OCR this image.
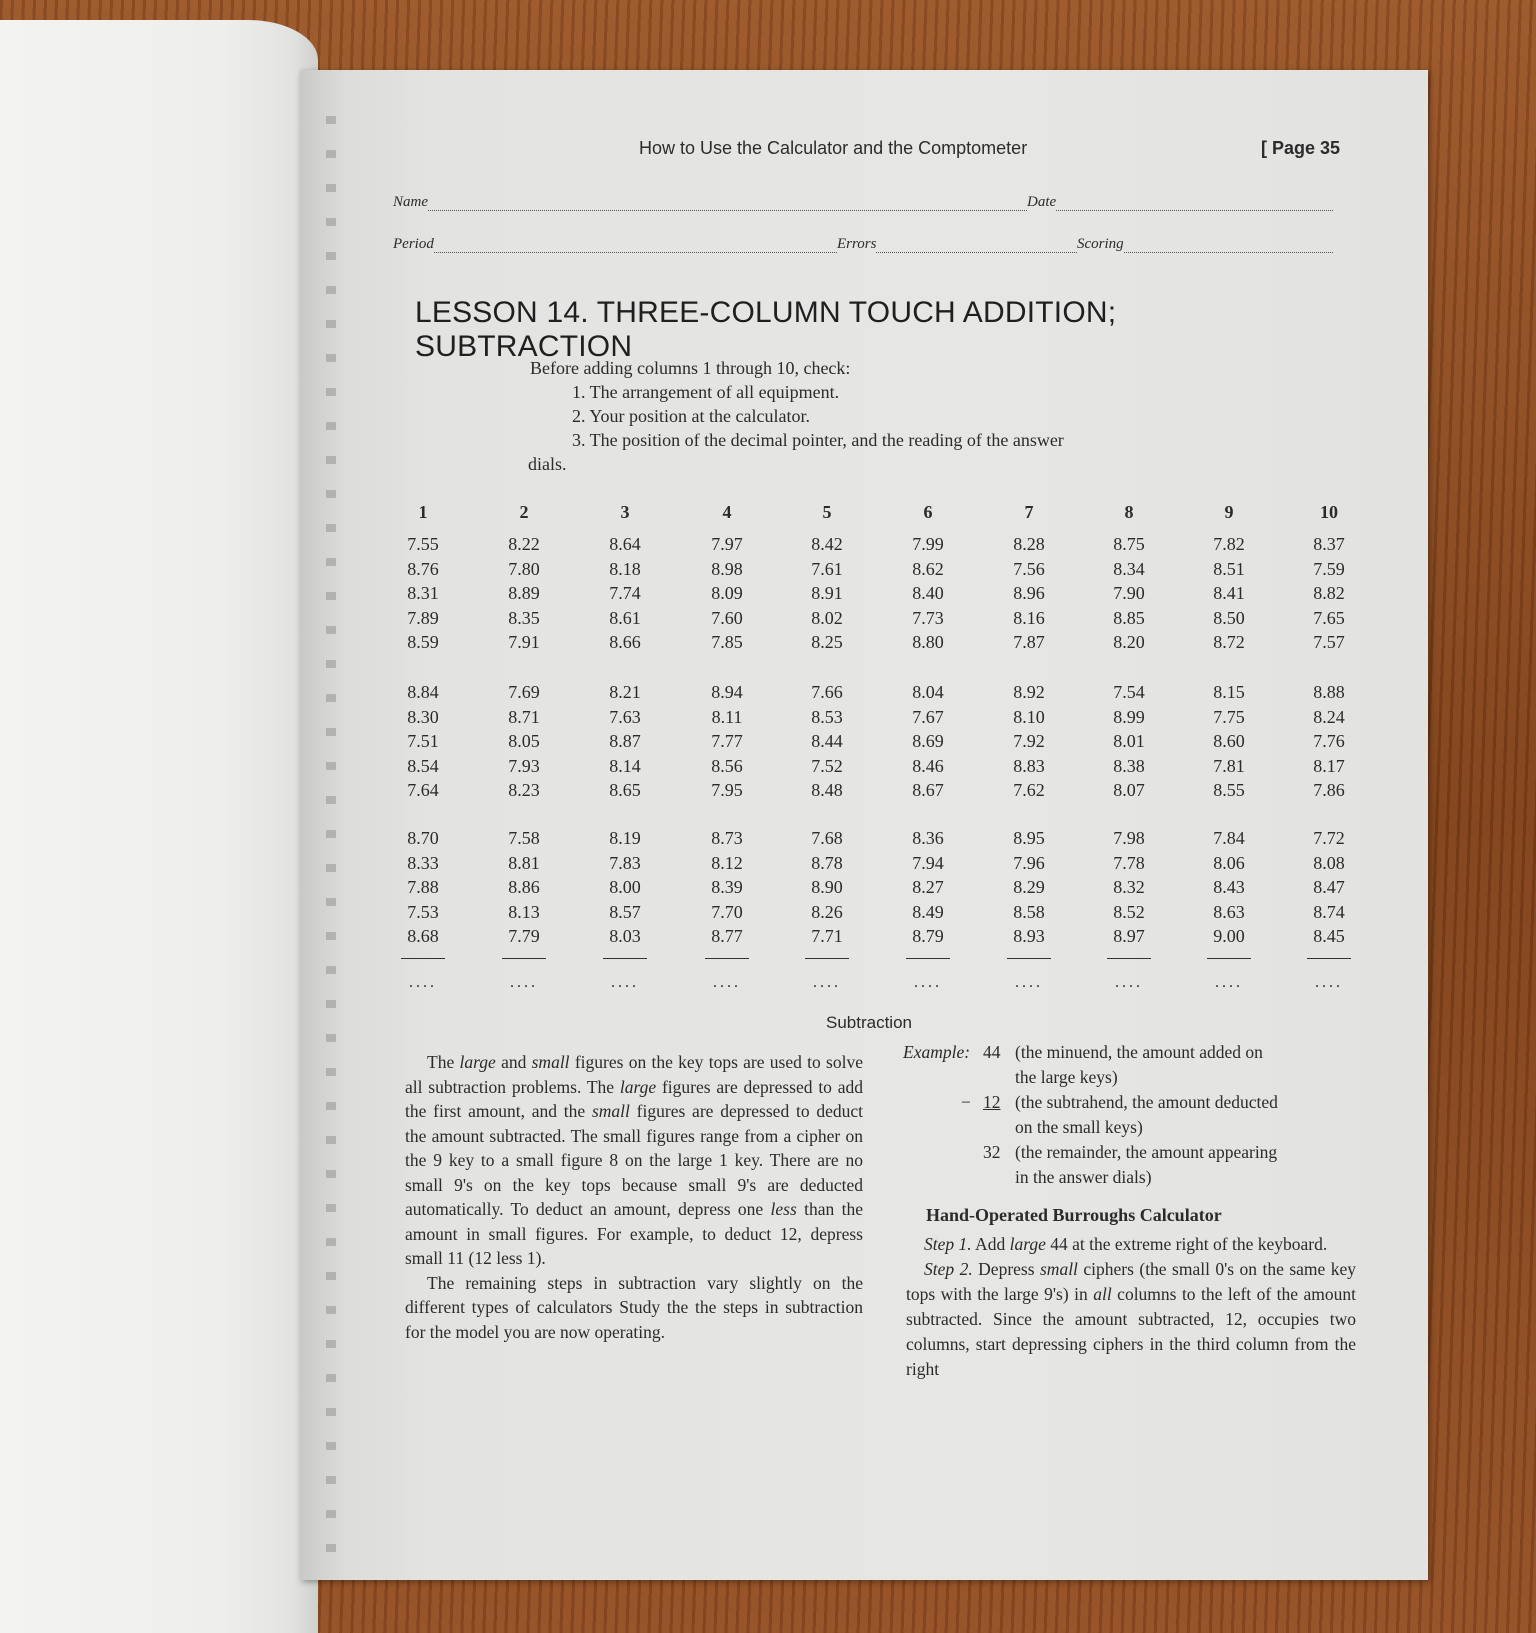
How to Use the Calculator and the Comptometer	[ Page 35
Name	Date
Period	Errors	Scoring
LESSON 14. THREE-COLUMN TOUCH ADDITION; SUBTRACTION
Before adding columns 1 through 10, check:
1. The arrangement of all equipment.
2. Your position at the calculator.
3. The position of the decimal pointer, and the reading of the answer
dials.
1	2	3	4	5	6	7	8	9	10
7.55	8.22	8.64	7.97	8.42	7.99	8.28	8.75	7.82	8.37
8.76	7.80	8.18	8.98	7.61	8.62	7.56	8.34	8.51	7.59
8.31	8.89	7.74	8.09	8.91	8.40	8.96	7.90	8.41	8.82
7.89	8.35	8.61	7.60	8.02	7.73	8.16	8.85	8.50	7.65
8.59	7.91	8.66	7.85	8.25	8.80	7.87	8.20	8.72	7.57
8.84	7.69	8.21	8.94	7.66	8.04	8.92	7.54	8.15	8.88
8.30	8.71	7.63	8.11	8.53	7.67	8.10	8.99	7.75	8.24
7.51	8.05	8.87	7.77	8.44	8.69	7.92	8.01	8.60	7.76
8.54	7.93	8.14	8.56	7.52	8.46	8.83	8.38	7.81	8.17
7.64	8.23	8.65	7.95	8.48	8.67	7.62	8.07	8.55	7.86
8.70	7.58	8.19	8.73	7.68	8.36	8.95	7.98	7.84	7.72
8.33	8.81	7.83	8.12	8.78	7.94	7.96	7.78	8.06	8.08
7.88	8.86	8.00	8.39	8.90	8.27	8.29	8.32	8.43	8.47
7.53	8.13	8.57	7.70	8.26	8.49	8.58	8.52	8.63	8.74
8.68	7.79	8.03	8.77	7.71	8.79	8.93	8.97	9.00	8.45
....	....	....	....	....	....	....	....	....	....
Subtraction

The large and small figures on the key tops are used to solve all subtraction problems. The large figures are depressed to add the first amount, and the small figures are depressed to deduct the amount subtracted. The small figures range from a cipher on the 9 key to a small figure 8 on the large 1 key. There are no small 9's on the key tops because small 9's are deducted automatically. To deduct an amount, depress one less than the amount in small figures. For example, to deduct 12, depress small 11 (12 less 1).

The remaining steps in subtraction vary slightly on the different types of calculators Study the the steps in subtraction for the model you are now operating.

Example: 44 (the minuend, the amount added on
the large keys)
− 12 (the subtrahend, the amount deducted
on the small keys)
32 (the remainder, the amount appearing
in the answer dials)
Hand-Operated Burroughs Calculator

Step 1. Add large 44 at the extreme right of the keyboard.

Step 2. Depress small ciphers (the small 0's on the same key tops with the large 9's) in all columns to the left of the amount subtracted. Since the amount subtracted, 12, occupies two columns, start depressing ciphers in the third column from the right
